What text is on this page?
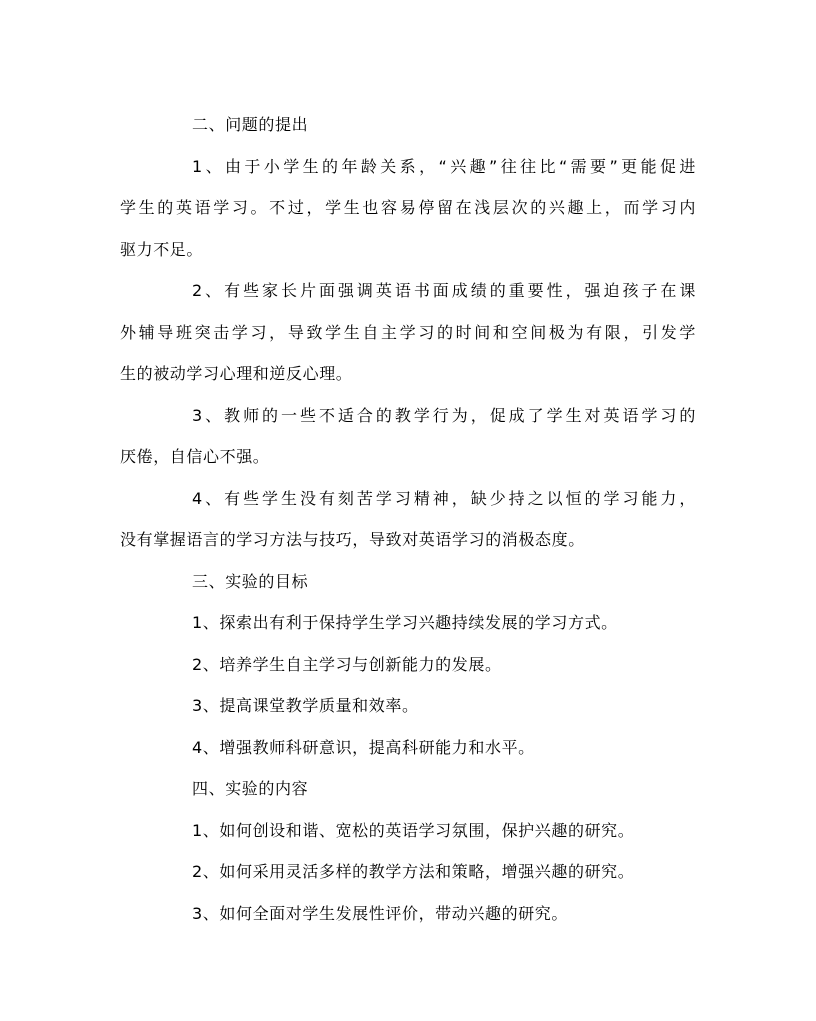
二、问题的提出
1、由于小学生的年龄关系，“兴趣”往往比“需要”更能促进
学生的英语学习。不过，学生也容易停留在浅层次的兴趣上，而学习内
驱力不足。
2、有些家长片面强调英语书面成绩的重要性，强迫孩子在课
外辅导班突击学习，导致学生自主学习的时间和空间极为有限，引发学
生的被动学习心理和逆反心理。
3、教师的一些不适合的教学行为，促成了学生对英语学习的
厌倦，自信心不强。
4、有些学生没有刻苦学习精神，缺少持之以恒的学习能力，
没有掌握语言的学习方法与技巧，导致对英语学习的消极态度。
三、实验的目标
1、探索出有利于保持学生学习兴趣持续发展的学习方式。
2、培养学生自主学习与创新能力的发展。
3、提高课堂教学质量和效率。
4、增强教师科研意识，提高科研能力和水平。
四、实验的内容
1、如何创设和谐、宽松的英语学习氛围，保护兴趣的研究。
2、如何采用灵活多样的教学方法和策略，增强兴趣的研究。
3、如何全面对学生发展性评价，带动兴趣的研究。
